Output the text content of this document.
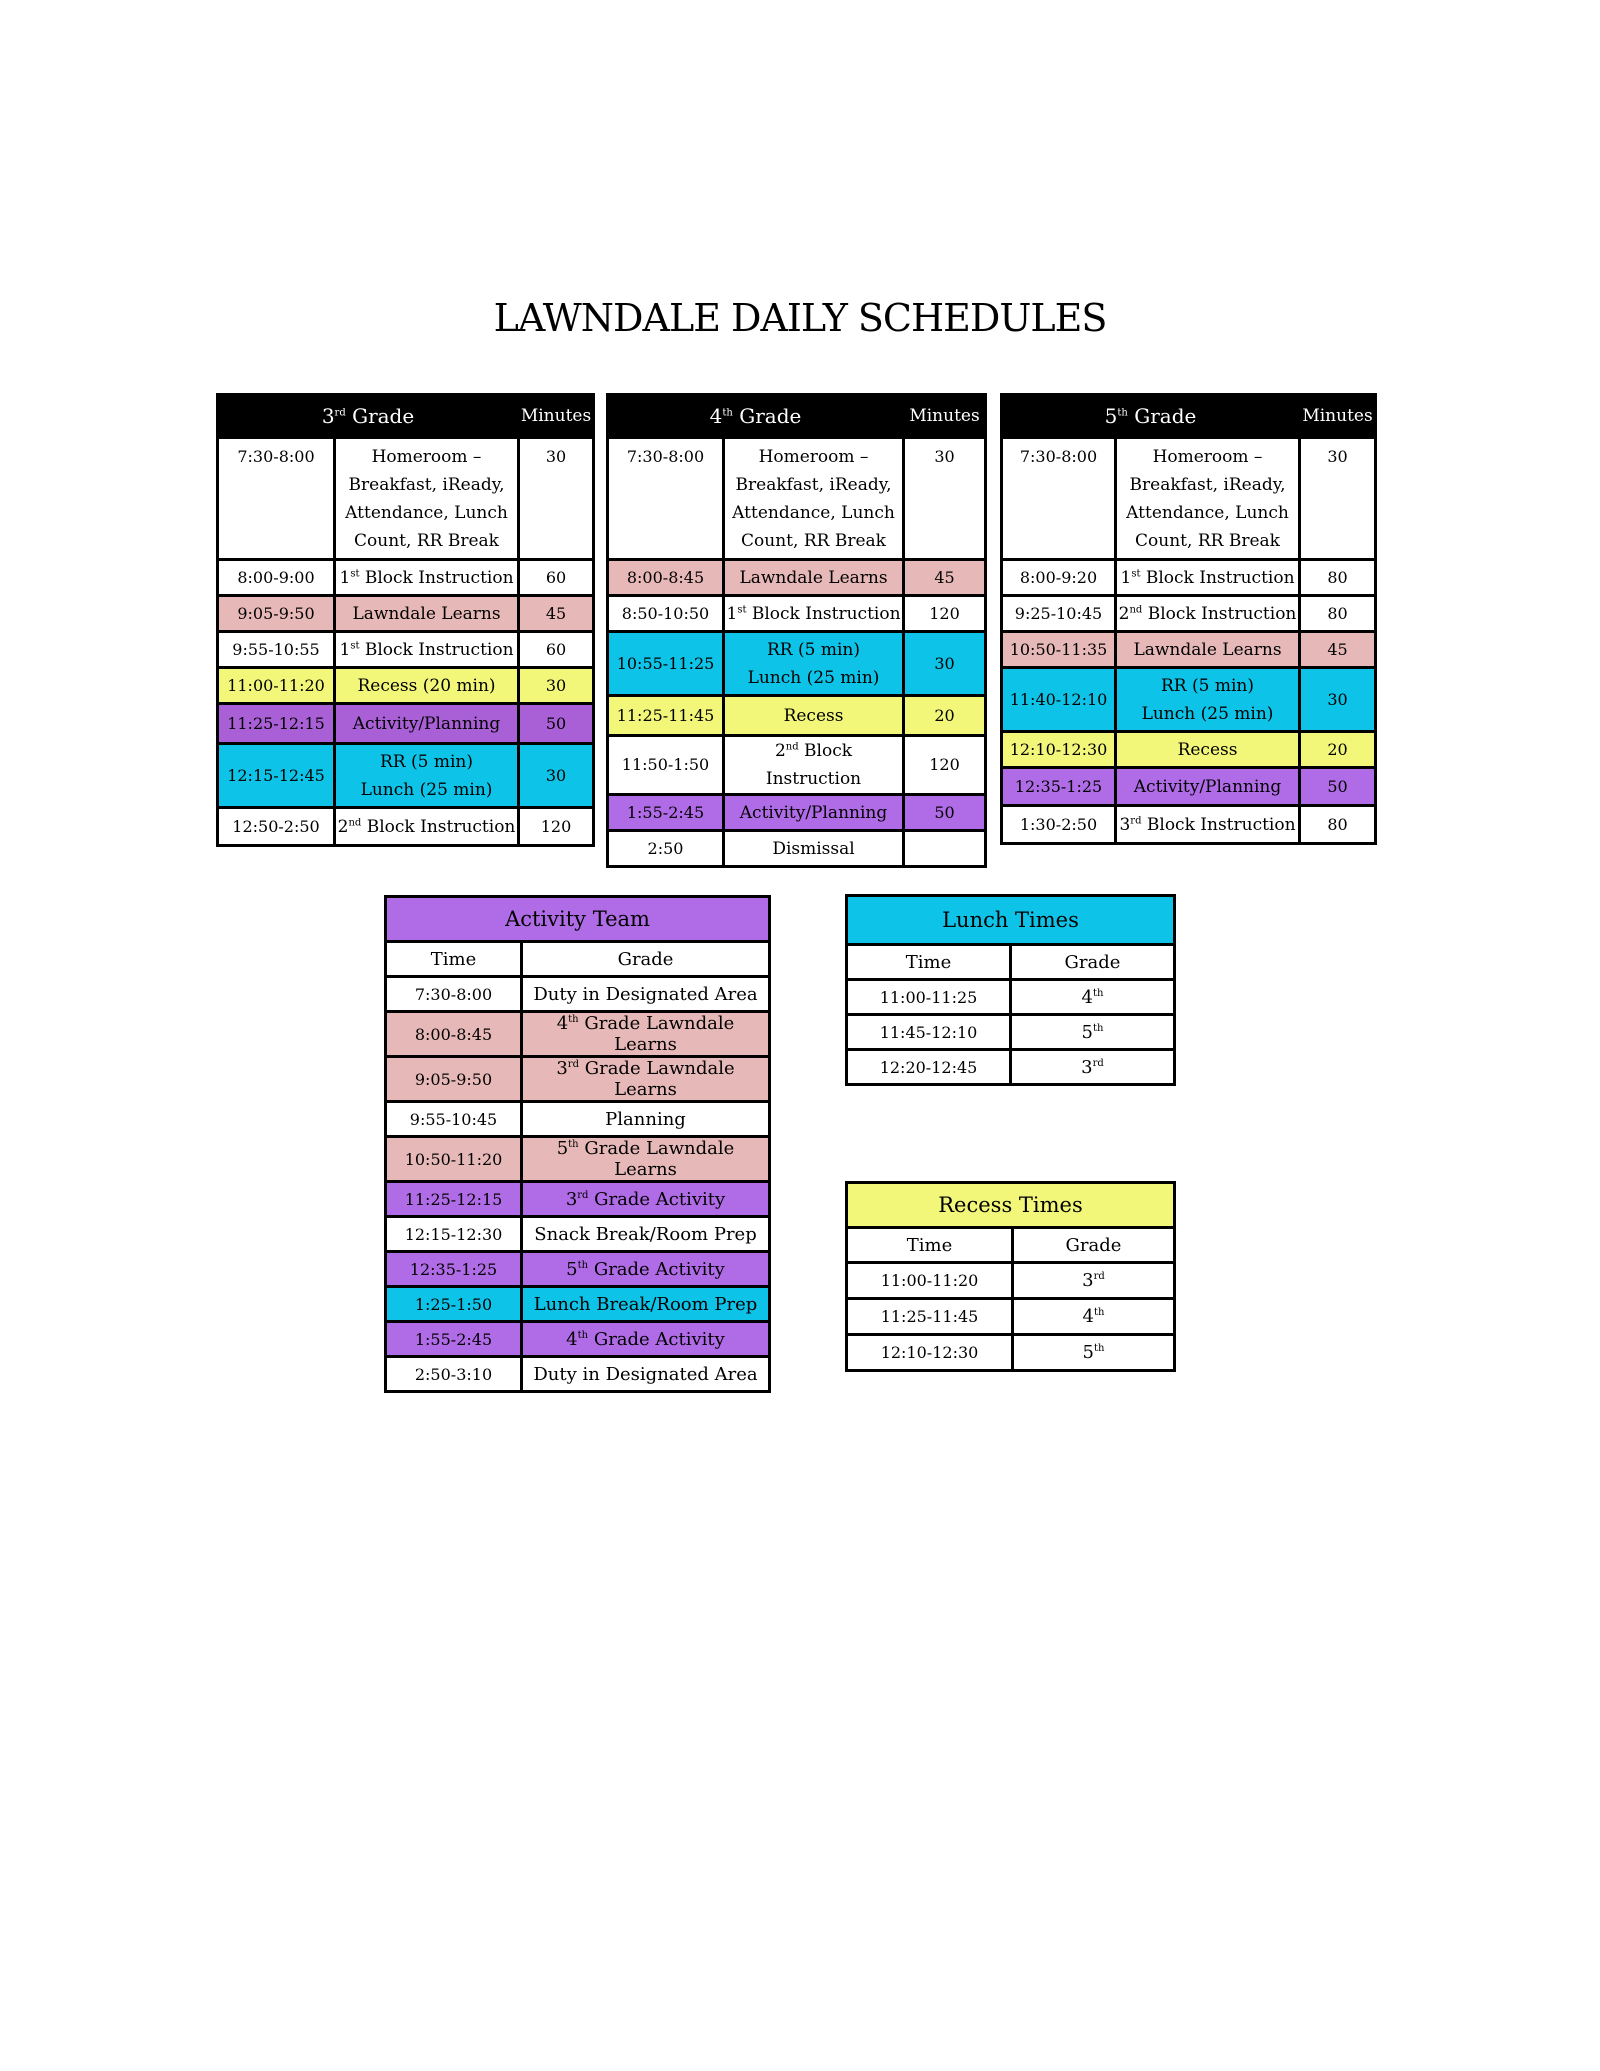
LAWNDALE DAILY SCHEDULES
3rd Grade		Minutes
7:30-8:00	Homeroom – Breakfast, iReady, Attendance, Lunch Count, RR Break	30
8:00-9:00	1st Block Instruction	60
9:05-9:50	Lawndale Learns	45
9:55-10:55	1st Block Instruction	60
11:00-11:20	Recess (20 min)	30
11:25-12:15	Activity/Planning	50
12:15-12:45	RR (5 min)
Lunch (25 min)	30
12:50-2:50	2nd Block Instruction	120
4th Grade		Minutes
7:30-8:00	Homeroom – Breakfast, iReady, Attendance, Lunch Count, RR Break	30
8:00-8:45	Lawndale Learns	45
8:50-10:50	1st Block Instruction	120
10:55-11:25	RR (5 min)
Lunch (25 min)	30
11:25-11:45	Recess	20
11:50-1:50	2nd Block Instruction	120
1:55-2:45	Activity/Planning	50
2:50	Dismissal	
5th Grade		Minutes
7:30-8:00	Homeroom – Breakfast, iReady, Attendance, Lunch Count, RR Break	30
8:00-9:20	1st Block Instruction	80
9:25-10:45	2nd Block Instruction	80
10:50-11:35	Lawndale Learns	45
11:40-12:10	RR (5 min)
Lunch (25 min)	30
12:10-12:30	Recess	20
12:35-1:25	Activity/Planning	50
1:30-2:50	3rd Block Instruction	80
Activity Team	
Time	Grade
7:30-8:00	Duty in Designated Area
8:00-8:45	4th Grade Lawndale Learns
9:05-9:50	3rd Grade Lawndale Learns
9:55-10:45	Planning
10:50-11:20	5th Grade Lawndale Learns
11:25-12:15	3rd Grade Activity
12:15-12:30	Snack Break/Room Prep
12:35-1:25	5th Grade Activity
1:25-1:50	Lunch Break/Room Prep
1:55-2:45	4th Grade Activity
2:50-3:10	Duty in Designated Area
Lunch Times	
Time	Grade
11:00-11:25	4th
11:45-12:10	5th
12:20-12:45	3rd
Recess Times	
Time	Grade
11:00-11:20	3rd
11:25-11:45	4th
12:10-12:30	5th
